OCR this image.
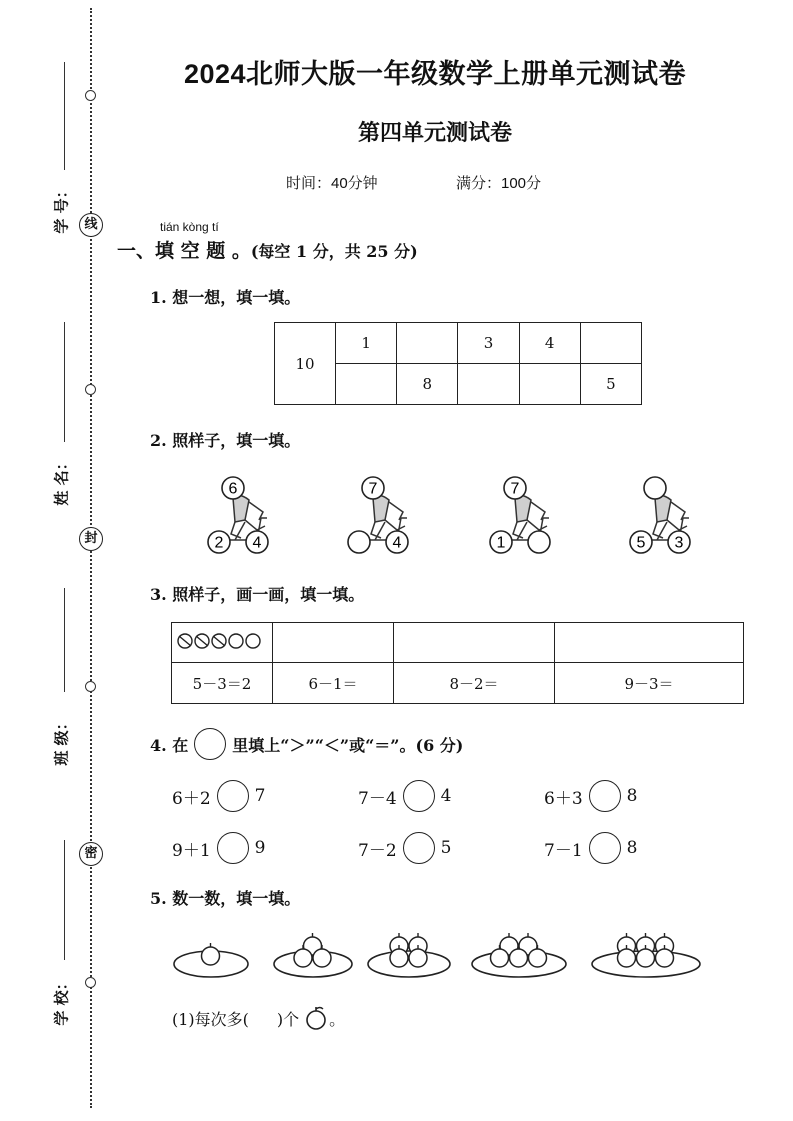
线
封
密
学 号：
姓 名：
班 级：
学 校：
2024北师大版一年级数学上册单元测试卷
第四单元测试卷
时间：40分钟	满分：100分
tián kòng tí
一、填 空 题 。(每空 1 分，共 25 分)
1. 想一想，填一填。
10	1		3	4	
		8			5
2. 照样子，填一填。
6
2 4
7
4
7
1	5 3
3. 照样子，画一画，填一填。

5－3＝2	6－1＝	8－2＝	9－3＝
4. 在	里填上“＞”“＜”或“＝”。(6 分)
6＋2	7	7－4	4	6＋3	8
9＋1	9	7－2	5	7－1	8
5. 数一数，填一填。
(1)每次多( )个 。
